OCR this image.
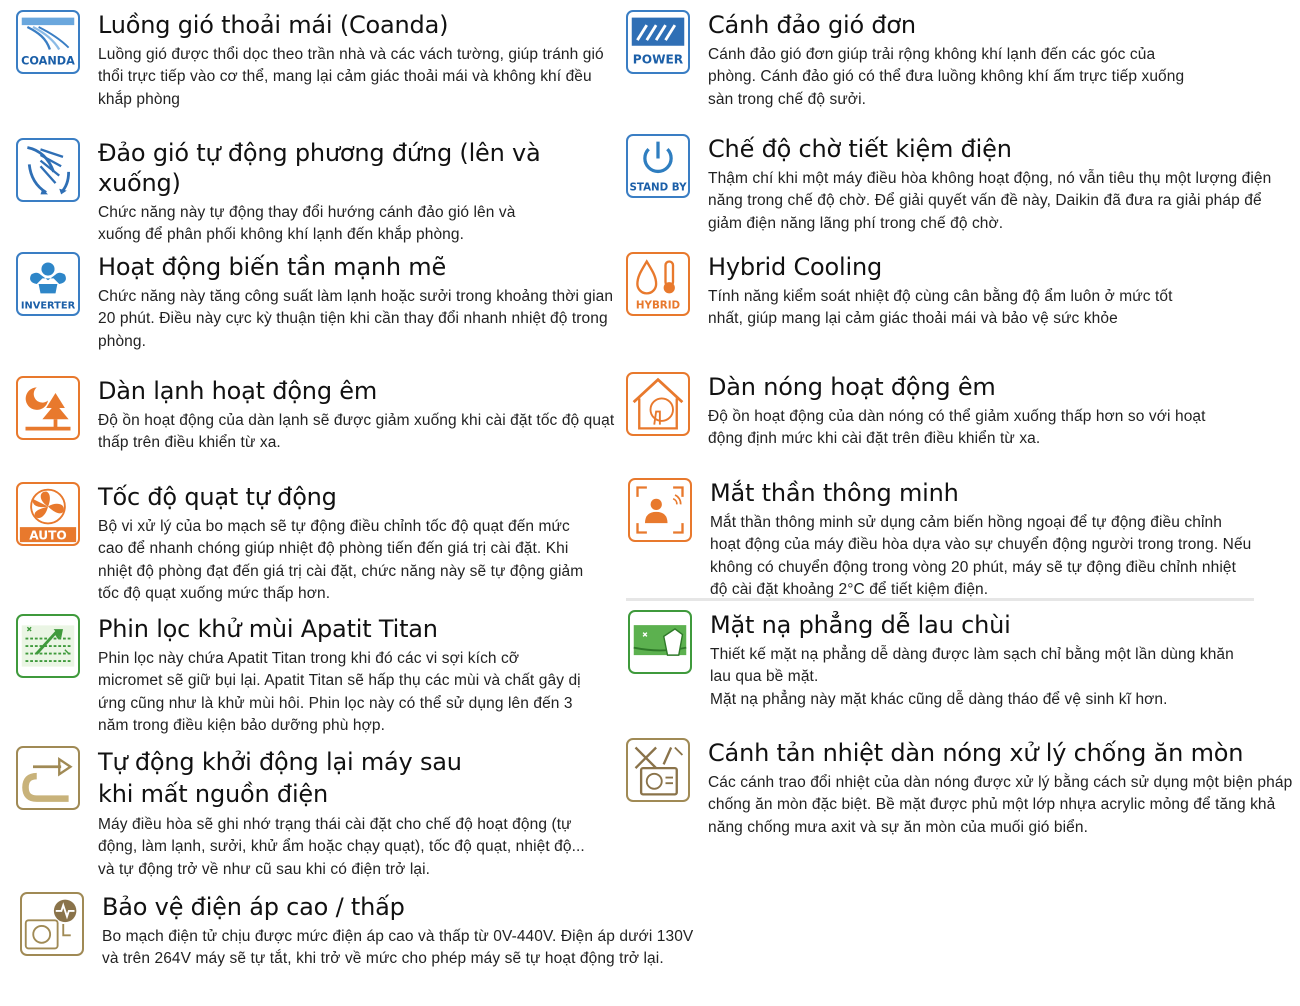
COANDA
Luồng gió thoải mái (Coanda)

Luồng gió được thổi dọc theo trần nhà và các vách tường, giúp tránh gió thổi trực tiếp vào cơ thể, mang lại cảm giác thoải mái và không khí đều khắp phòng

Đảo gió tự động phương đứng (lên và xuống)

Chức năng này tự động thay đổi hướng cánh đảo gió lên và xuống để phân phối không khí lạnh đến khắp phòng.

INVERTER
Hoạt động biến tần mạnh mẽ

Chức năng này tăng công suất làm lạnh hoặc sưởi trong khoảng thời gian 20 phút. Điều này cực kỳ thuận tiện khi cần thay đổi nhanh nhiệt độ trong phòng.

Dàn lạnh hoạt động êm

Độ ồn hoạt động của dàn lạnh sẽ được giảm xuống khi cài đặt tốc độ quạt thấp trên điều khiển từ xa.

AUTO
Tốc độ quạt tự động

Bộ vi xử lý của bo mạch sẽ tự động điều chỉnh tốc độ quạt đến mức cao để nhanh chóng giúp nhiệt độ phòng tiến đến giá trị cài đặt. Khi nhiệt độ phòng đạt đến giá trị cài đặt, chức năng này sẽ tự động giảm tốc độ quạt xuống mức thấp hơn.

Phin lọc khử mùi Apatit Titan

Phin lọc này chứa Apatit Titan trong khi đó các vi sợi kích cỡ micromet sẽ giữ bụi lại. Apatit Titan sẽ hấp thụ các mùi và chất gây dị ứng cũng như là khử mùi hôi. Phin lọc này có thể sử dụng lên đến 3 năm trong điều kiện bảo dưỡng phù hợp.

Tự động khởi động lại máy sau khi mất nguồn điện

Máy điều hòa sẽ ghi nhớ trạng thái cài đặt cho chế độ hoạt động (tự động, làm lạnh, sưởi, khử ẩm hoặc chạy quạt), tốc độ quạt, nhiệt độ... và tự động trở về như cũ sau khi có điện trở lại.

Bảo vệ điện áp cao / thấp

Bo mạch điện tử chịu được mức điện áp cao và thấp từ 0V-440V. Điện áp dưới 130V và trên 264V máy sẽ tự tắt, khi trở về mức cho phép máy sẽ tự hoạt động trở lại.

POWER
Cánh đảo gió đơn

Cánh đảo gió đơn giúp trải rộng không khí lạnh đến các góc của phòng. Cánh đảo gió có thể đưa luồng không khí ấm trực tiếp xuống sàn trong chế độ sưởi.

STAND BY
Chế độ chờ tiết kiệm điện

Thậm chí khi một máy điều hòa không hoạt động, nó vẫn tiêu thụ một lượng điện năng trong chế độ chờ. Để giải quyết vấn đề này, Daikin đã đưa ra giải pháp để giảm điện năng lãng phí trong chế độ chờ.

HYBRID
Hybrid Cooling

Tính năng kiểm soát nhiệt độ cùng cân bằng độ ẩm luôn ở mức tốt nhất, giúp mang lại cảm giác thoải mái và bảo vệ sức khỏe

Dàn nóng hoạt động êm

Độ ồn hoạt động của dàn nóng có thể giảm xuống thấp hơn so với hoạt động định mức khi cài đặt trên điều khiển từ xa.

Mắt thần thông minh

Mắt thần thông minh sử dụng cảm biến hồng ngoại để tự động điều chỉnh hoạt động của máy điều hòa dựa vào sự chuyển động người trong trong. Nếu không có chuyển động trong vòng 20 phút, máy sẽ tự động điều chỉnh nhiệt độ cài đặt khoảng 2°C để tiết kiệm điện.

Mặt nạ phẳng dễ lau chùi

Thiết kế mặt nạ phẳng dễ dàng được làm sạch chỉ bằng một lần dùng khăn lau qua bề mặt.

Mặt nạ phẳng này mặt khác cũng dễ dàng tháo để vệ sinh kĩ hơn.

Cánh tản nhiệt dàn nóng xử lý chống ăn mòn

Các cánh trao đổi nhiệt của dàn nóng được xử lý bằng cách sử dụng một biện pháp chống ăn mòn đặc biệt. Bề mặt được phủ một lớp nhựa acrylic mỏng để tăng khả năng chống mưa axit và sự ăn mòn của muối gió biển.
